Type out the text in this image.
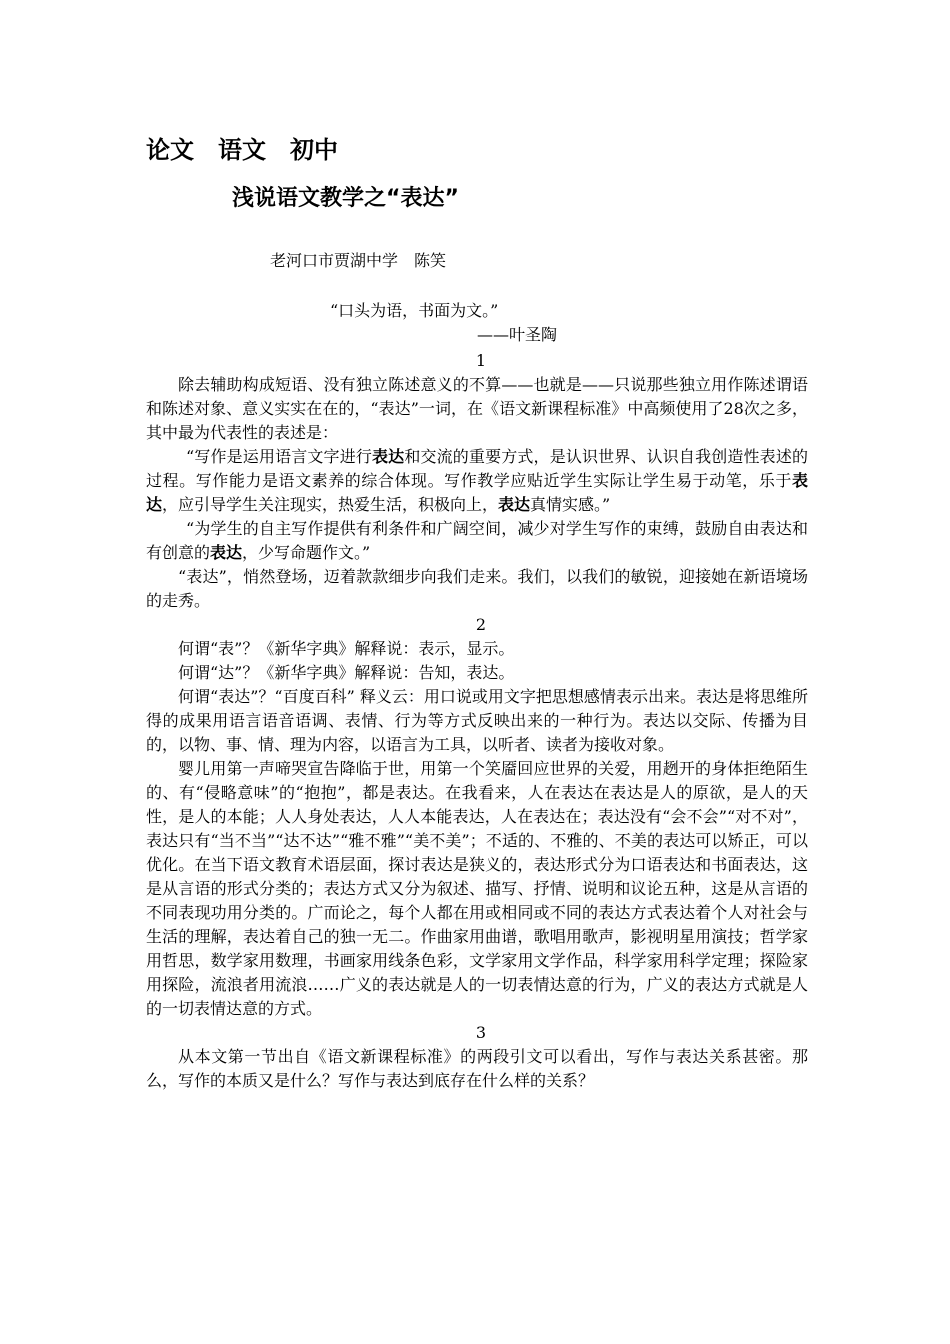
论文　语文　初中
浅说语文教学之“表达”
老河口市贾湖中学　陈笑
“口头为语，书面为文。”
——叶圣陶
1

除去辅助构成短语、没有独立陈述意义的不算——也就是——只说那些独立用作陈述谓语和陈述对象、意义实实在在的，“表达”一词，在《语文新课程标准》中高频使用了28次之多，其中最为代表性的表述是：

“写作是运用语言文字进行表达和交流的重要方式，是认识世界、认识自我创造性表述的过程。写作能力是语文素养的综合体现。写作教学应贴近学生实际让学生易于动笔，乐于表达，应引导学生关注现实，热爱生活，积极向上，表达真情实感。”

“为学生的自主写作提供有利条件和广阔空间，减少对学生写作的束缚，鼓励自由表达和有创意的表达，少写命题作文。”

“表达”，悄然登场，迈着款款细步向我们走来。我们，以我们的敏锐，迎接她在新语境场的走秀。

2

何谓“表”？《新华字典》解释说：表示，显示。

何谓“达”？《新华字典》解释说：告知，表达。

何谓“表达”？“百度百科” 释义云：用口说或用文字把思想感情表示出来。表达是将思维所得的成果用语言语音语调、表情、行为等方式反映出来的一种行为。表达以交际、传播为目的，以物、事、情、理为内容，以语言为工具，以听者、读者为接收对象。

婴儿用第一声啼哭宣告降临于世，用第一个笑靥回应世界的关爱，用趔开的身体拒绝陌生的、有“侵略意味”的“抱抱”，都是表达。在我看来，人在表达在表达是人的原欲，是人的天性，是人的本能；人人身处表达，人人本能表达，人在表达在；表达没有“会不会”“对不对”，表达只有“当不当”“达不达”“雅不雅”“美不美”；不适的、不雅的、不美的表达可以矫正，可以优化。在当下语文教育术语层面，探讨表达是狭义的，表达形式分为口语表达和书面表达，这是从言语的形式分类的；表达方式又分为叙述、描写、抒情、说明和议论五种，这是从言语的不同表现功用分类的。广而论之，每个人都在用或相同或不同的表达方式表达着个人对社会与生活的理解，表达着自己的独一无二。作曲家用曲谱，歌唱用歌声，影视明星用演技；哲学家用哲思，数学家用数理，书画家用线条色彩，文学家用文学作品，科学家用科学定理；探险家用探险，流浪者用流浪……广义的表达就是人的一切表情达意的行为，广义的表达方式就是人的一切表情达意的方式。

3

从本文第一节出自《语文新课程标准》的两段引文可以看出，写作与表达关系甚密。那么，写作的本质又是什么？写作与表达到底存在什么样的关系？
